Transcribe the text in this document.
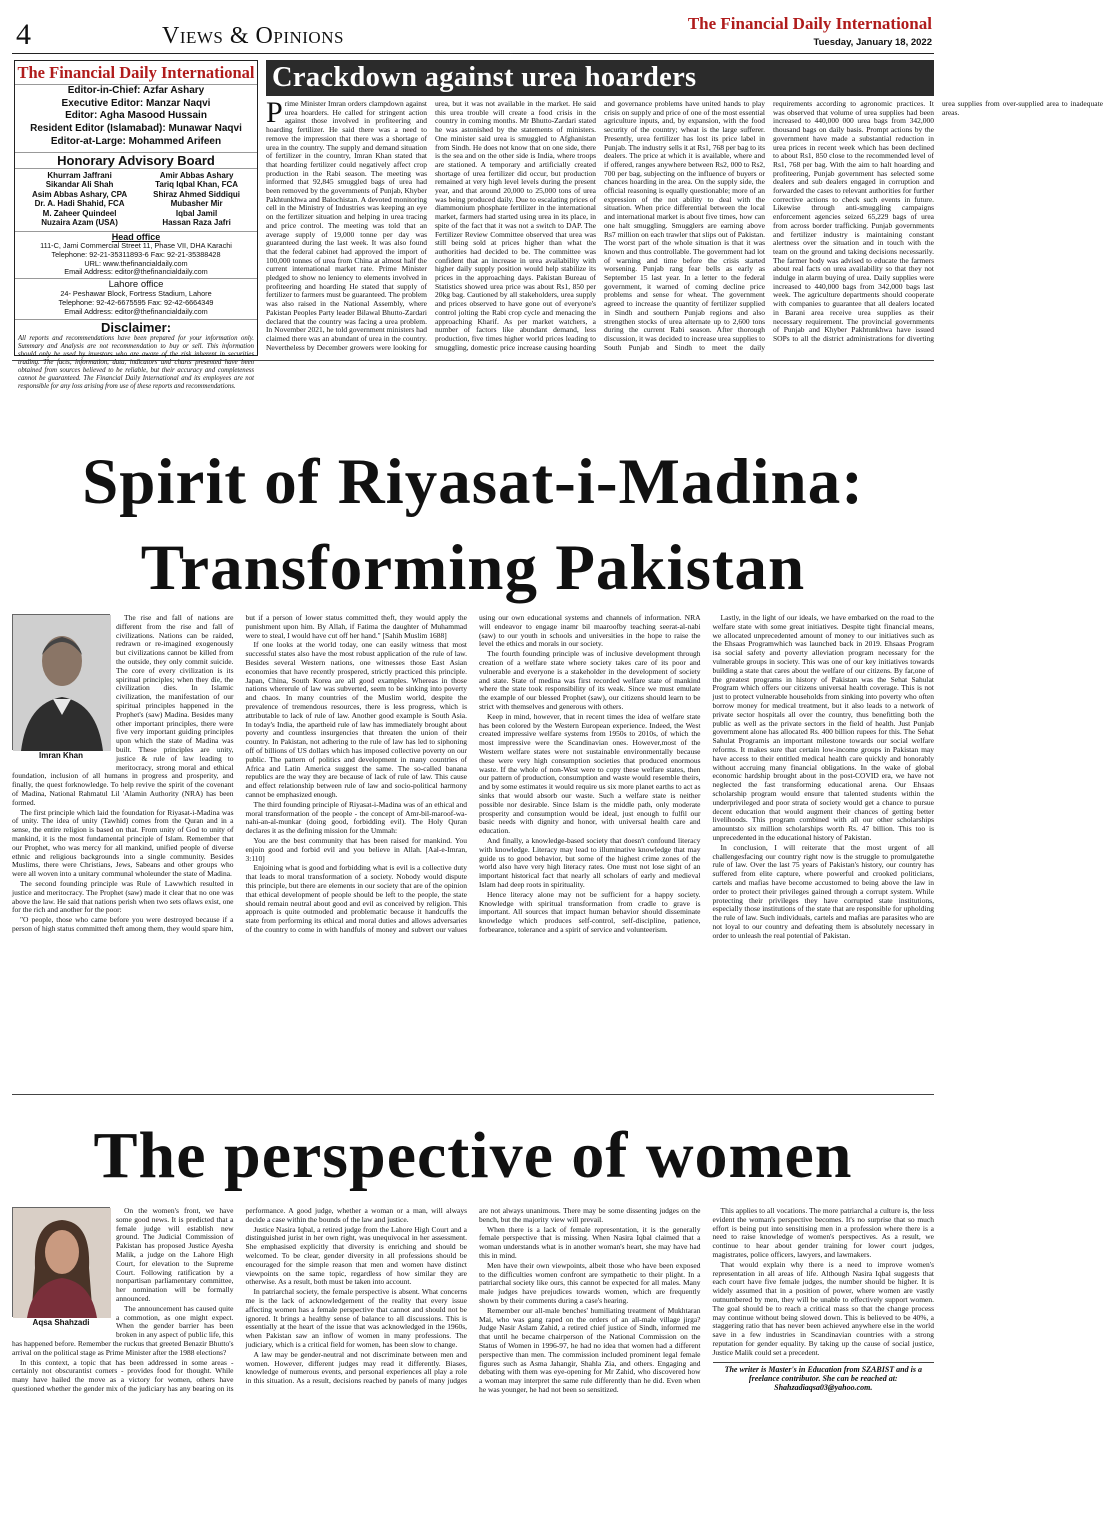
4	Views & Opinions	The Financial Daily International
Tuesday, January 18, 2022
The Financial Daily International
Editor-in-Chief: Azfar Ashary
Executive Editor: Manzar Naqvi
Editor: Agha Masood Hussain
Resident Editor (Islamabad): Munawar Naqvi
Editor-at-Large: Mohammed Arifeen
Honorary Advisory Board
Khurram Jaffrani
Sikandar Ali Shah
Asim Abbas Ashary, CPA
Dr. A. Hadi Shahid, FCA
M. Zaheer Quindeel
Nuzaira Azam (USA)
Amir Abbas Ashary
Tariq Iqbal Khan, FCA
Shiraz Ahmed Siddiqui
Mubasher Mir
Iqbal Jamil
Hassan Raza Jafri
Head office
111-C, Jami Commercial Street 11, Phase VII, DHA Karachi
Telephone: 92-21-35311893-6 Fax: 92-21-35388428
URL: www.thefinancialdaily.com
Email Address: editor@thefinancialdaily.com
Lahore office
24- Peshawar Block, Fortress Stadium, Lahore
Telephone: 92-42-6675595 Fax: 92-42-6664349
Email Address: editor@thefinancialdaily.com
Disclaimer:
All reports and recommendations have been prepared for your information only. Summary and Analysis are not recommendation to buy or sell. This information should only be used by investors who are aware of the risk inherent in securities trading. The facts, information, data, indicators and charts presented have been obtained from sources believed to be reliable, but their accuracy and completeness cannot be guaranteed. The Financial Daily International and its employees are not responsible for any loss arising from use of these reports and recommendations.
Crackdown against urea hoarders
Prime Minister Imran orders clampdown against urea hoarders. He called for stringent action against those involved in profiteering and hoarding fertilizer. He said there was a need to remove the impression that there was a shortage of urea in the country. The supply and demand situation of fertilizer in the country, Imran Khan stated that that hoarding fertilizer could negatively affect crop production in the Rabi season. The meeting was informed that 92,845 smuggled bags of urea had been removed by the governments of Punjab, Khyber Pakhtunkhwa and Balochistan. A devoted monitoring cell in the Ministry of Industries was keeping an eye on the fertilizer situation and helping in urea tracing and price control. The meeting was told that an average supply of 19,000 tonne per day was guaranteed during the last week. It was also found that the federal cabinet had approved the import of 100,000 tonnes of urea from China at almost half the current international market rate. Prime Minister pledged to show no leniency to elements involved in profiteering and hoarding He stated that supply of fertilizer to farmers must be guaranteed. The problem was also raised in the National Assembly, where Pakistan Peoples Party leader Bilawal Bhutto-Zardari declared that the country was facing a urea problem. In November 2021, he told government ministers had claimed there was an abundant of urea in the country. Nevertheless by December growers were looking for urea, but it was not available in the market. He said this urea trouble will create a food crisis in the country in coming months. Mr Bhutto-Zardari stated he was astonished by the statements of ministers. One minister said urea is smuggled to Afghanistan from Sindh. He does not know that on one side, there is the sea and on the other side is India, where troops are stationed. A temporary and artificially created shortage of urea fertilizer did occur, but production remained at very high level levels during the present year, and that around 20,000 to 25,000 tons of urea was being produced daily. Due to escalating prices of diammonium phosphate fertilizer in the international market, farmers had started using urea in its place, in spite of the fact that it was not a switch to DAP. The Fertilizer Review Committee observed that urea was still being sold at prices higher than what the authorities had decided to be. The committee was confident that an increase in urea availability with higher daily supply position would help stabilize its prices in the approaching days. Pakistan Bureau of Statistics showed urea price was about Rs1, 850 per 20kg bag. Cautioned by all stakeholders, urea supply and prices observed to have gone out of everyone's control jolting the Rabi crop cycle and menacing the approaching Kharif. As per market watchers, a number of factors like abundant demand, less production, five times higher world prices leading to smuggling, domestic price increase causing hoarding and governance problems have united hands to play crisis on supply and price of one of the most essential agriculture inputs, and, by expansion, with the food security of the country; wheat is the large sufferer. Presently, urea fertilizer has lost its price label in Punjab. The industry sells it at Rs1, 768 per bag to its dealers. The price at which it is available, where and if offered, ranges anywhere between Rs2, 000 to Rs2, 700 per bag, subjecting on the influence of buyers or chances hoarding in the area. On the supply side, the official reasoning is equally questionable; more of an expression of the not ability to deal with the situation. When price differential between the local and international market is about five times, how can one halt smuggling. Smugglers are earning above Rs7 million on each trawler that slips out of Pakistan. The worst part of the whole situation is that it was known and thus controllable. The government had lot of warning and time before the crisis started worsening. Punjab rang fear bells as early as September 15 last year. In a letter to the federal government, it warned of coming decline price problems and sense for wheat. The government agreed to increase the quantity of fertilizer supplied in Sindh and southern Punjab regions and also strengthen stocks of urea alternate up to 2,600 tons during the current Rabi season. After thorough discussion, it was decided to increase urea supplies to South Punjab and Sindh to meet the daily requirements according to agronomic practices. It was observed that volume of urea supplies had been increased to 440,000 000 urea bags from 342,000 thousand bags on daily basis. Prompt actions by the government have made a substantial reduction in urea prices in recent week which has been declined to about Rs1, 850 close to the recommended level of Rs1, 768 per bag. With the aim to halt hoarding and profiteering, Punjab government has selected some dealers and sub dealers engaged in corruption and forwarded the cases to relevant authorities for further corrective actions to check such events in future. Likewise through anti-smuggling campaigns enforcement agencies seized 65,229 bags of urea from across border trafficking. Punjab governments and fertilizer industry is maintaining constant alertness over the situation and in touch with the team on the ground and taking decisions necessarily. The farmer body was advised to educate the farmers about real facts on urea availability so that they not indulge in alarm buying of urea. Daily supplies were increased to 440,000 bags from 342,000 bags last week. The agriculture departments should cooperate with companies to guarantee that all dealers located in Barani area receive urea supplies as their necessary requirement. The provincial governments of Punjab and Khyber Pakhtunkhwa have issued SOPs to all the district administrations for diverting urea supplies from over-supplied area to inadequate areas.
Spirit of Riyasat-i-Madina:
Transforming Pakistan
Imran Khan

The rise and fall of nations are different from the rise and fall of civilizations. Nations can be raided, redrawn or re-imagined exogenously but civilizations cannot be killed from the outside, they only commit suicide. The core of every civilization is its spiritual principles; when they die, the civilization dies. In Islamic civilization, the manifestation of our spiritual principles happened in the Prophet's (saw) Madina. Besides many other important principles, there were five very important guiding principles upon which the state of Madina was built. These principles are unity, justice & rule of law leading to meritocracy, strong moral and ethical foundation, inclusion of all humans in progress and prosperity, and finally, the quest forknowledge. To help revive the spirit of the covenant of Madina, National Rahmatul Lil 'Alamin Authority (NRA) has been formed.

The first principle which laid the foundation for Riyasat-i-Madina was of unity. The idea of unity (Tawhid) comes from the Quran and in a sense, the entire religion is based on that. From unity of God to unity of mankind, it is the most fundamental principle of Islam. Remember that our Prophet, who was mercy for all mankind, unified people of diverse ethnic and religious backgrounds into a single community. Besides Muslims, there were Christians, Jews, Sabeans and other groups who were all woven into a unitary communal wholeunder the state of Madina.

The second founding principle was Rule of Lawwhich resulted in justice and meritocracy. The Prophet (saw) made it clear that no one was above the law. He said that nations perish when two sets oflaws exist, one for the rich and another for the poor:

"O people, those who came before you were destroyed because if a person of high status committed theft among them, they would spare him, but if a person of lower status committed theft, they would apply the punishment upon him. By Allah, if Fatima the daughter of Muhammad were to steal, I would have cut off her hand." [Sahih Muslim 1688]

If one looks at the world today, one can easily witness that most successful states also have the most robust application of the rule of law. Besides several Western nations, one witnesses those East Asian economies that have recently prospered, strictly practiced this principle. Japan, China, South Korea are all good examples. Whereas in those nations whererule of law was subverted, seem to be sinking into poverty and chaos. In many countries of the Muslim world, despite the prevalence of tremendous resources, there is less progress, which is attributable to lack of rule of law. Another good example is South Asia. In today's India, the apartheid rule of law has immediately brought about poverty and countless insurgencies that threaten the union of their country. In Pakistan, not adhering to the rule of law has led to siphoning off of billions of US dollars which has imposed collective poverty on our public. The pattern of politics and development in many countries of Africa and Latin America suggest the same. The so-called banana republics are the way they are because of lack of rule of law. This cause and effect relationship between rule of law and socio-political harmony cannot be emphasized enough.

The third founding principle of Riyasat-i-Madina was of an ethical and moral transformation of the people - the concept of Amr-bil-maroof-wa-nahi-an-al-munkar (doing good, forbidding evil). The Holy Quran declares it as the defining mission for the Ummah:

You are the best community that has been raised for mankind. You enjoin good and forbid evil and you believe in Allah. [Aal-e-Imran, 3:110]

Enjoining what is good and forbidding what is evil is a collective duty that leads to moral transformation of a society. Nobody would dispute this principle, but there are elements in our society that are of the opinion that ethical development of people should be left to the people, the state should remain neutral about good and evil as conceived by religion. This approach is quite outmoded and problematic because it handcuffs the state from performing its ethical and moral duties and allows adversaries of the country to come in with handfuls of money and subvert our values using our own educational systems and channels of information. NRA will endeavor to engage inamr bil maaroofby teaching seerat-al-nabi (saw) to our youth in schools and universities in the hope to raise the level the ethics and morals in our society.

The fourth founding principle was of inclusive development through creation of a welfare state where society takes care of its poor and vulnerable and everyone is a stakeholder in the development of society and state. State of medina was first recorded welfare state of mankind where the state took responsibility of its weak. Since we must emulate the example of our blessed Prophet (saw), our citizens should learn to be strict with themselves and generous with others.

Keep in mind, however, that in recent times the idea of welfare state has been colored by the Western European experience. Indeed, the West created impressive welfare systems from 1950s to 2010s, of which the most impressive were the Scandinavian ones. However,most of the Western welfare states were not sustainable environmentally because these were very high consumption societies that produced enormous waste. If the whole of non-West were to copy these welfare states, then our pattern of production, consumption and waste would resemble theirs, and by some estimates it would require us six more planet earths to act as sinks that would absorb our waste. Such a welfare state is neither possible nor desirable. Since Islam is the middle path, only moderate prosperity and consumption would be ideal, just enough to fulfil our basic needs with dignity and honor, with universal health care and education.

And finally, a knowledge-based society that doesn't confound literacy with knowledge. Literacy may lead to illuminative knowledge that may guide us to good behavior, but some of the highest crime zones of the world also have very high literacy rates. One must not lose sight of an important historical fact that nearly all scholars of early and medieval Islam had deep roots in spirituality.

Hence literacy alone may not be sufficient for a happy society. Knowledge with spiritual transformation from cradle to grave is important. All sources that impact human behavior should disseminate knowledge which produces self-control, self-discipline, patience, forbearance, tolerance and a spirit of service and volunteerism.

Lastly, in the light of our ideals, we have embarked on the road to the welfare state with some great initiatives. Despite tight financial means, we allocated unprecedented amount of money to our initiatives such as the Ehsaas Programwhich was launched back in 2019. Ehsaas Program isa social safety and poverty alleviation program necessary for the vulnerable groups in society. This was one of our key initiatives towards building a state that cares about the welfare of our citizens. By far,one of the greatest programs in history of Pakistan was the Sehat Sahulat Program which offers our citizens universal health coverage. This is not just to protect vulnerable households from sinking into poverty who often borrow money for medical treatment, but it also leads to a network of private sector hospitals all over the country, thus benefitting both the public as well as the private sectors in the field of health. Just Punjab government alone has allocated Rs. 400 billion rupees for this. The Sehat Sahulat Programis an important milestone towards our social welfare reforms. It makes sure that certain low-income groups in Pakistan may have access to their entitled medical health care quickly and honorably without accruing many financial obligations. In the wake of global economic hardship brought about in the post-COVID era, we have not neglected the fast transforming educational arena. Our Ehsaas scholarship program would ensure that talented students within the underprivileged and poor strata of society would get a chance to pursue decent education that would augment their chances of getting better livelihoods. This program combined with all our other scholarships amountsto six million scholarships worth Rs. 47 billion. This too is unprecedented in the educational history of Pakistan.

In conclusion, I will reiterate that the most urgent of all challengesfacing our country right now is the struggle to promulgatethe rule of law. Over the last 75 years of Pakistan's history, our country has suffered from elite capture, where powerful and crooked politicians, cartels and mafias have become accustomed to being above the law in order to protect their privileges gained through a corrupt system. While protecting their privileges they have corrupted state institutions, especially those institutions of the state that are responsible for upholding the rule of law. Such individuals, cartels and mafias are parasites who are not loyal to our country and defeating them is absolutely necessary in order to unleash the real potential of Pakistan.

The perspective of women
Aqsa Shahzadi

On the women's front, we have some good news. It is predicted that a female judge will establish new ground. The Judicial Commission of Pakistan has proposed Justice Ayesha Malik, a judge on the Lahore High Court, for elevation to the Supreme Court. Following ratification by a nonpartisan parliamentary committee, her nomination will be formally announced.

The announcement has caused quite a commotion, as one might expect. When the gender barrier has been broken in any aspect of public life, this has happened before. Remember the ruckus that greeted Benazir Bhutto's arrival on the political stage as Prime Minister after the 1988 elections?

In this context, a topic that has been addressed in some areas - certainly not obscurantist corners - provides food for thought. While many have hailed the move as a victory for women, others have questioned whether the gender mix of the judiciary has any bearing on its performance. A good judge, whether a woman or a man, will always decide a case within the bounds of the law and justice.

Justice Nasira Iqbal, a retired judge from the Lahore High Court and a distinguished jurist in her own right, was unequivocal in her assessment. She emphasised explicitly that diversity is enriching and should be welcomed. To be clear, gender diversity in all professions should be encouraged for the simple reason that men and women have distinct viewpoints on the same topic, regardless of how similar they are otherwise. As a result, both must be taken into account.

In patriarchal society, the female perspective is absent. What concerns me is the lack of acknowledgement of the reality that every issue affecting women has a female perspective that cannot and should not be ignored. It brings a healthy sense of balance to all discussions. This is essentially at the heart of the issue that was acknowledged in the 1960s, when Pakistan saw an inflow of women in many professions. The judiciary, which is a critical field for women, has been slow to change.

A law may be gender-neutral and not discriminate between men and women. However, different judges may read it differently. Biases, knowledge of numerous events, and personal experiences all play a role in this situation. As a result, decisions reached by panels of many judges are not always unanimous. There may be some dissenting judges on the bench, but the majority view will prevail.

When there is a lack of female representation, it is the generally female perspective that is missing. When Nasira Iqbal claimed that a woman understands what is in another woman's heart, she may have had this in mind.

Men have their own viewpoints, albeit those who have been exposed to the difficulties women confront are sympathetic to their plight. In a patriarchal society like ours, this cannot be expected for all males. Many male judges have prejudices towards women, which are frequently shown by their comments during a case's hearing.

Remember our all-male benches' humiliating treatment of Mukhtaran Mai, who was gang raped on the orders of an all-male village jirga? Judge Nasir Aslam Zahid, a retired chief justice of Sindh, informed me that until he became chairperson of the National Commission on the Status of Women in 1996-97, he had no idea that women had a different perspective than men. The commission included prominent legal female figures such as Asma Jahangir, Shahla Zia, and others. Engaging and debating with them was eye-opening for Mr Zahid, who discovered how a woman may interpret the same rule differently than he did. Even when he was younger, he had not been so sensitized.

This applies to all vocations. The more patriarchal a culture is, the less evident the woman's perspective becomes. It's no surprise that so much effort is being put into sensitising men in a profession where there is a need to raise knowledge of women's perspectives. As a result, we continue to hear about gender training for lower court judges, magistrates, police officers, lawyers, and lawmakers.

That would explain why there is a need to improve women's representation in all areas of life. Although Nasira Iqbal suggests that each court have five female judges, the number should be higher. It is widely assumed that in a position of power, where women are vastly outnumbered by men, they will be unable to effectively support women. The goal should be to reach a critical mass so that the change process may continue without being slowed down. This is believed to be 40%, a staggering ratio that has never been achieved anywhere else in the world save in a few industries in Scandinavian countries with a strong reputation for gender equality. By taking up the cause of social justice, Justice Malik could set a precedent.

The writer is Master's in Education from SZABIST and is a freelance contributor. She can be reached at: Shahzadiaqsa03@yahoo.com.
